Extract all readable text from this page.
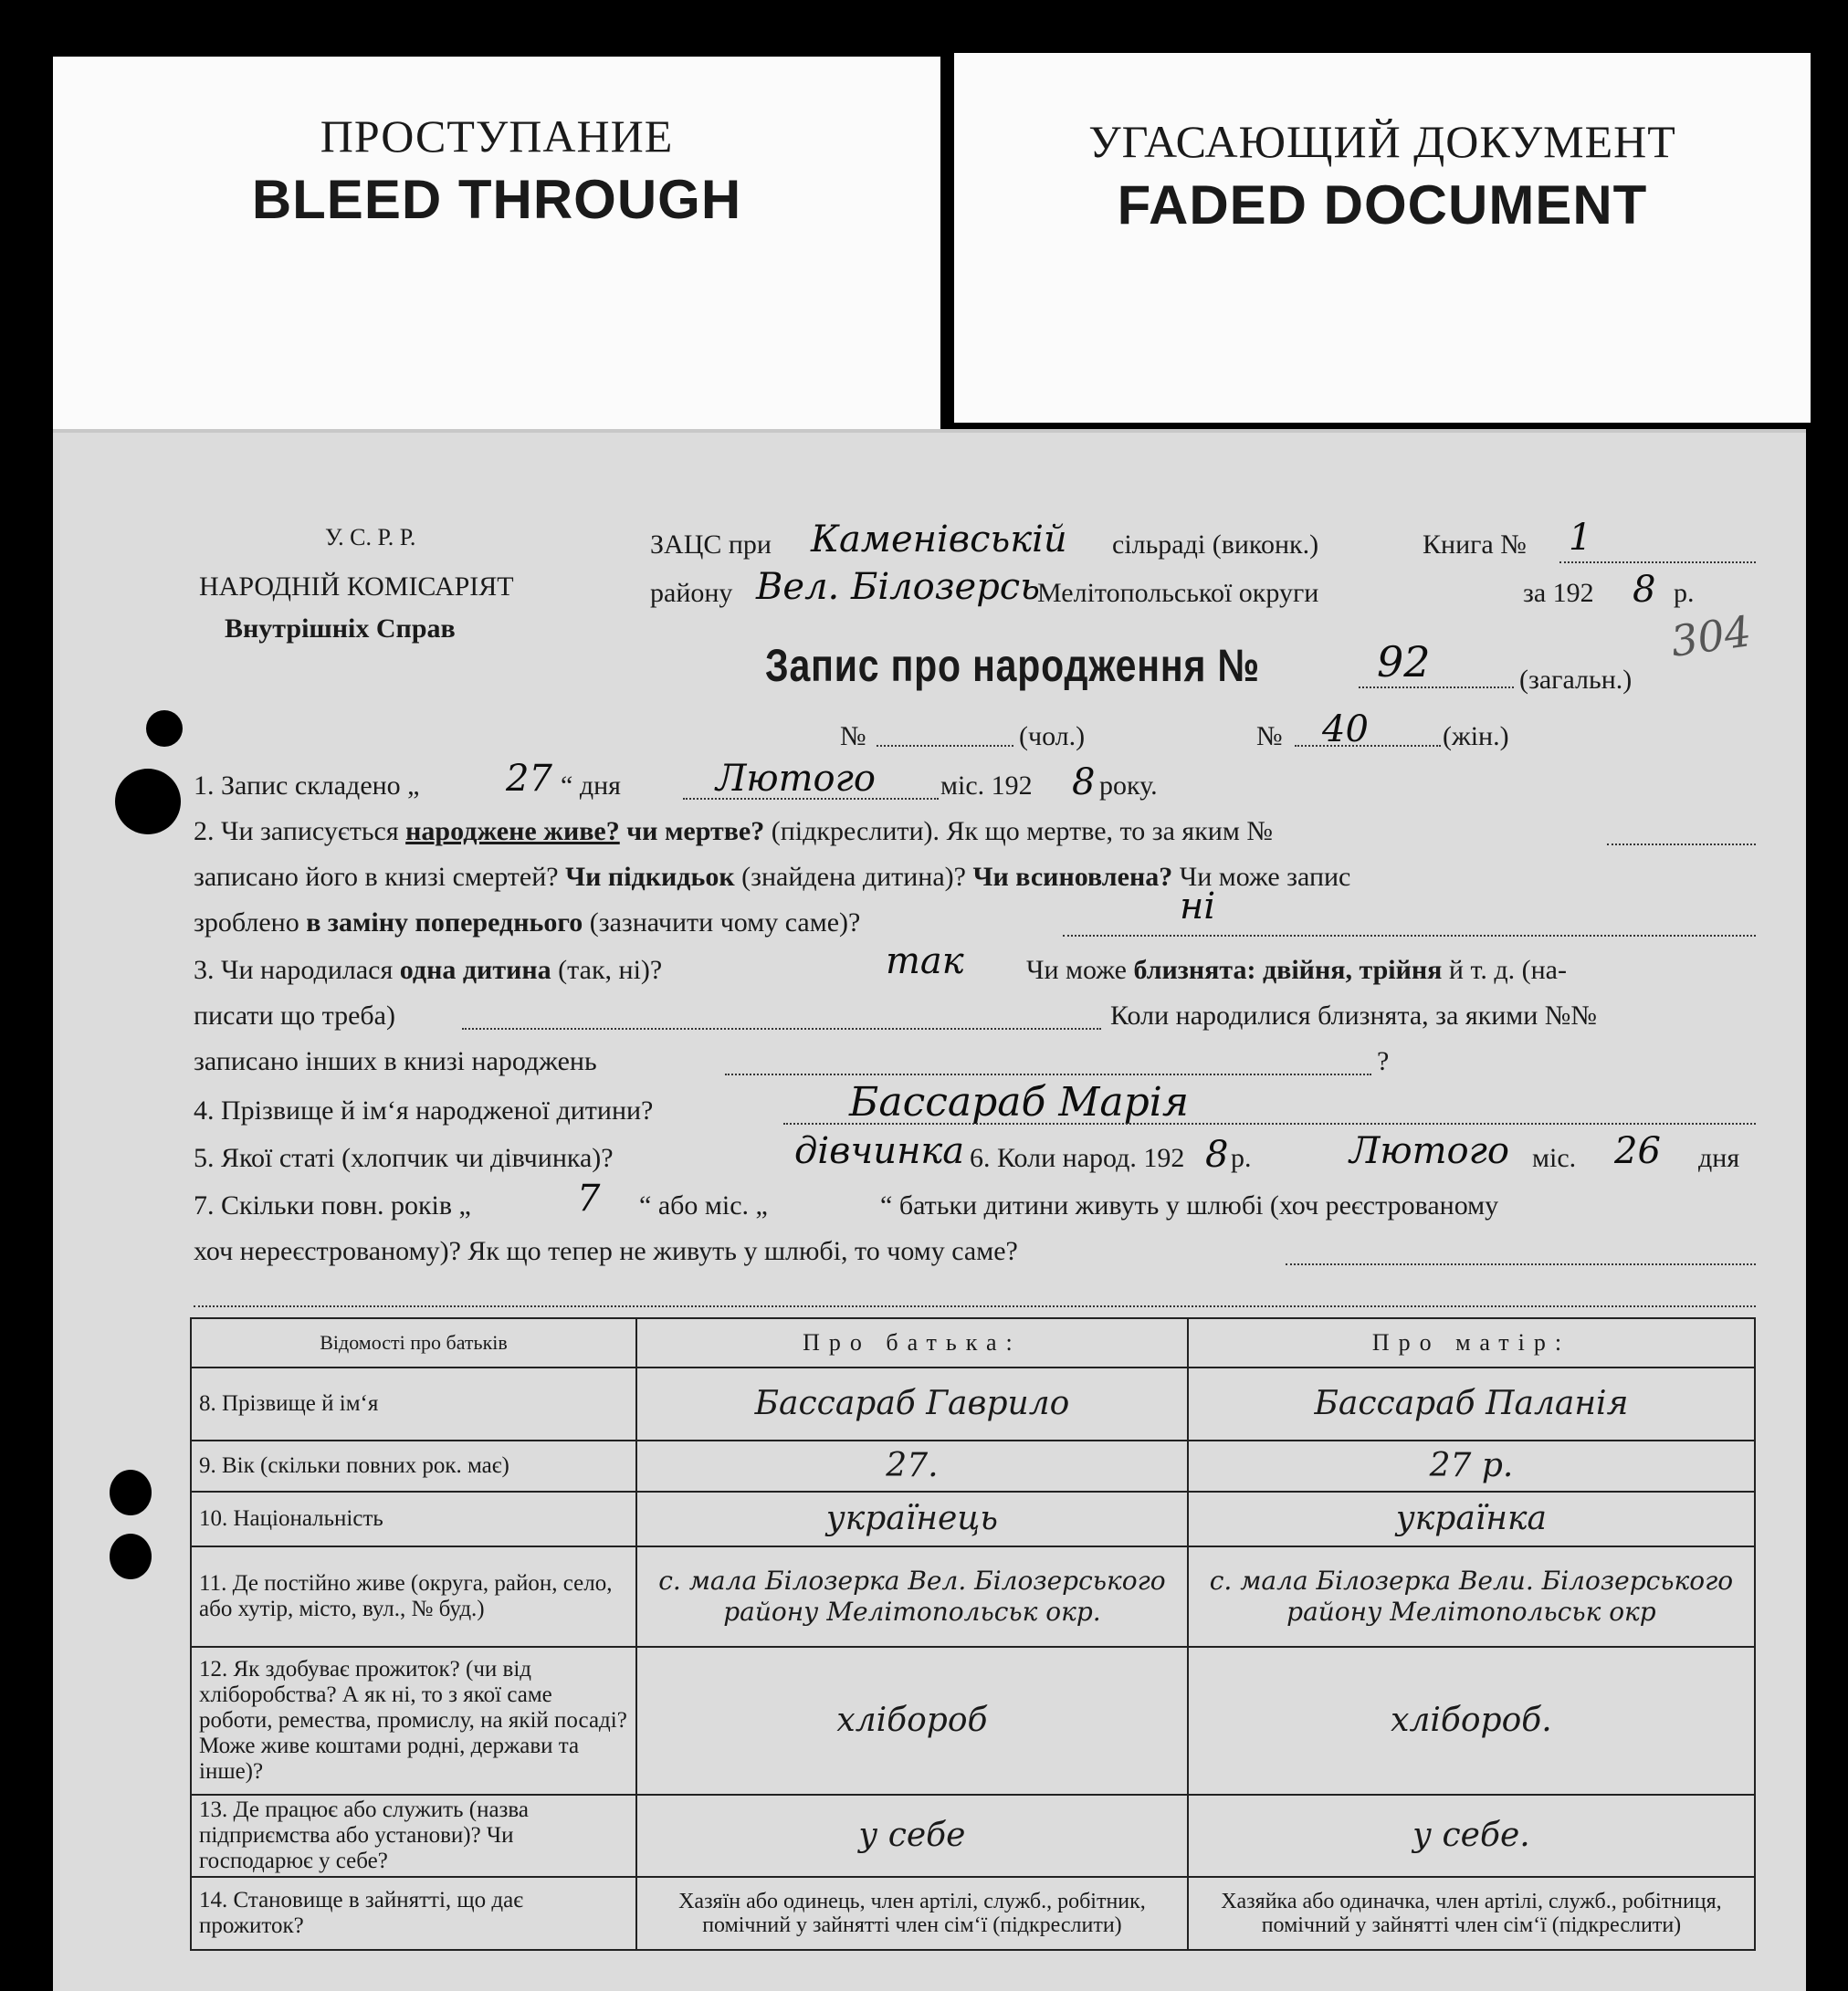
ПРОСТУПАНИЕ
BLEED THROUGH
УГАСАЮЩИЙ ДОКУМЕНТ
FADED DOCUMENT
У. С. Р. Р.
НАРОДНІЙ КОМІСАРІЯТ
Внутрішніх Справ
ЗАЦС при Каменівській сільраді (виконк.)	Книга № 1
району Вел. Білозерсь
Мелітопольської округи	за 192 8 р.
304
Запис про народження №	92	(загальн.)
№	(чол.)	№ 40	(жін.)
1. Запис складено „ 27 “ дня	Лютого міс. 192 8 року.
2. Чи записується народжене живе? чи мертве? (підкреслити). Як що мертве, то за яким №
записано його в книзі смертей? Чи підкидьок (знайдена дитина)? Чи всиновлена? Чи може запис
зроблено в заміну попереднього (зазначити чому саме)?	ні
3. Чи народилася одна дитина (так, ні)?	так Чи може близнята: двійня, трійня й т. д. (на-
писати що треба)	Коли народилися близнята, за якими №№
записано інших в книзі народжень	?
4. Прізвище й ім‘я народженої дитини?	Бассараб Марія
5. Якої статі (хлопчик чи дівчинка)?	дівчинка 6. Коли народ. 192 8 р.	Лютого міс. 26 дня
7. Скільки повн. років „	7 “ або міс. „	“ батьки дитини живуть у шлюбі (хоч реєстрованому
хоч нереєстрованому)? Як що тепер не живуть у шлюбі, то чому саме?
Відомості про батьків	Про батька:	Про матір:
8. Прізвище й ім‘я	Бассараб Гаврило	Бассараб Паланія
9. Вік (скільки повних рок. має)	27.	27 р.
10. Національність	українець	українка
11. Де постійно живе (округа, район, село, або хутір, місто, вул., № буд.)	с. мала Білозерка Вел. Білозерського району Мелітопольськ окр.	с. мала Білозерка Вели. Білозерського району Мелітопольськ окр
12. Як здобуває прожиток? (чи від хліборобства? А як ні, то з якої саме роботи, ремества, промислу, на якій посаді? Може живе коштами родні, держави та інше)?	хлібороб	хлібороб.
13. Де працює або служить (назва підприємства або установи)? Чи господарює у себе?	у себе	у себе.
14. Становище в зайнятті, що дає прожиток?	Хазяїн або одинець, член артілі, служб., робітник, помічний у зайнятті член сім‘ї (підкреслити)	Хазяйка або одиначка, член артілі, служб., робітниця, помічний у зайнятті член сім‘ї (підкреслити)
